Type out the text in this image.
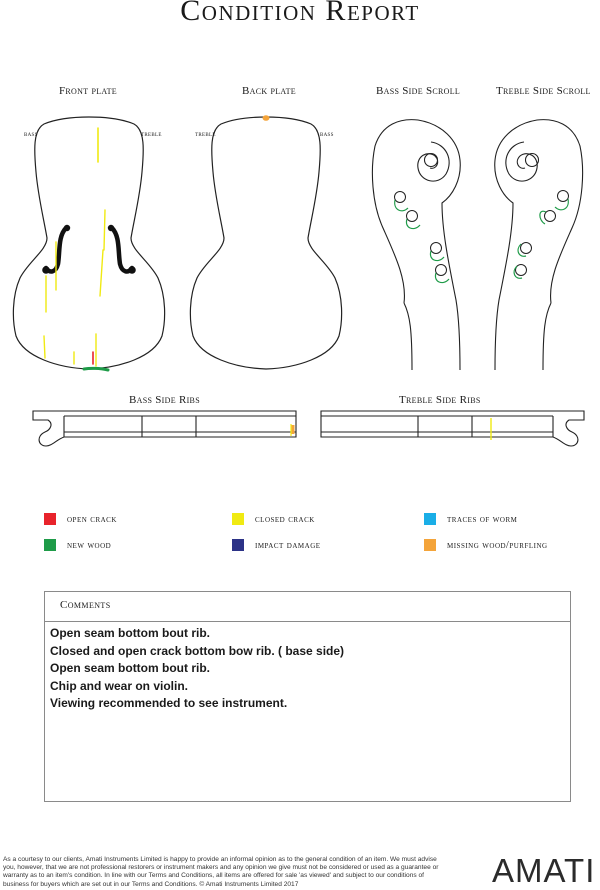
Condition Report
Front plate	Back plate	Bass Side Scroll	Treble Side Scroll
Bass Side Ribs	Treble Side Ribs
bass	treble	treble	bass
open crack	closed crack	traces of worm
new wood	impact damage	missing wood/purfling
Comments
Open seam bottom bout rib.
Closed and open crack bottom bow rib. ( base side)
Open seam bottom bout rib.
Chip and wear on violin.
Viewing recommended to see instrument.
As a courtesy to our clients, Amati Instruments Limited is happy to provide an informal opinion as to the general condition of an item. We must advise you, however, that we are not professional restorers or instrument makers and any opinion we give must not be considered or used as a guarantee or warranty as to an item's condition. In line with our Terms and Conditions, all items are offered for sale 'as viewed' and subject to our conditions of business for buyers which are set out in our Terms and Conditions. © Amati Instruments Limited 2017	AMATI
